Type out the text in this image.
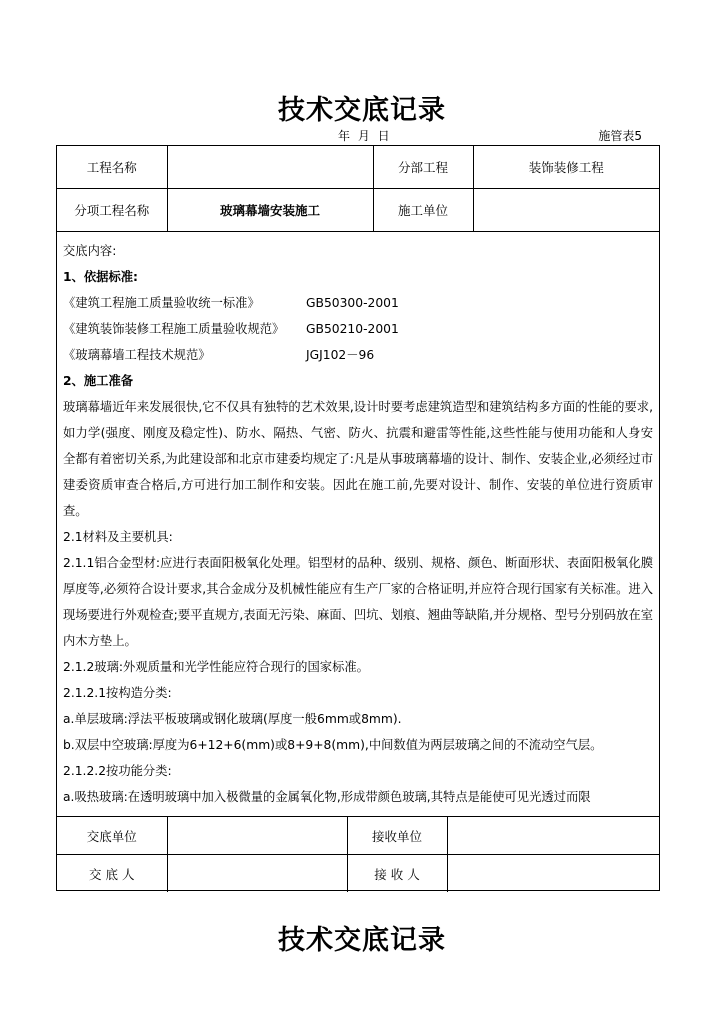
技术交底记录
年 月 日	施管表5
工程名称		分部工程	装饰装修工程
分项工程名称	玻璃幕墙安装施工	施工单位	

交底内容:

1、依据标准:

《建筑工程施工质量验收统一标准》	GB50300-2001

《建筑装饰装修工程施工质量验收规范》	GB50210-2001

《玻璃幕墙工程技术规范》	JGJ102－96

2、施工准备

玻璃幕墙近年来发展很快,它不仅具有独特的艺术效果,设计时要考虑建筑造型和建筑结构多方面的性能的要求,如力学(强度、刚度及稳定性)、防水、隔热、气密、防火、抗震和避雷等性能,这些性能与使用功能和人身安全都有着密切关系,为此建设部和北京市建委均规定了:凡是从事玻璃幕墙的设计、制作、安装企业,必须经过市建委资质审查合格后,方可进行加工制作和安装。因此在施工前,先要对设计、制作、安装的单位进行资质审查。

2.1材料及主要机具:

2.1.1铝合金型材:应进行表面阳极氧化处理。铝型材的品种、级别、规格、颜色、断面形状、表面阳极氧化膜厚度等,必须符合设计要求,其合金成分及机械性能应有生产厂家的合格证明,并应符合现行国家有关标准。进入现场要进行外观检查;要平直规方,表面无污染、麻面、凹坑、划痕、翘曲等缺陷,并分规格、型号分别码放在室内木方垫上。

2.1.2玻璃:外观质量和光学性能应符合现行的国家标准。

2.1.2.1按构造分类:

a.单层玻璃:浮法平板玻璃或钢化玻璃(厚度一般6mm或8mm).

b.双层中空玻璃:厚度为6+12+6(mm)或8+9+8(mm),中间数值为两层玻璃之间的不流动空气层。

2.1.2.2按功能分类:

a.吸热玻璃:在透明玻璃中加入极微量的金属氧化物,形成带颜色玻璃,其特点是能使可见光透过而限

交底单位		接收单位	
交 底 人		接 收 人	
技术交底记录
